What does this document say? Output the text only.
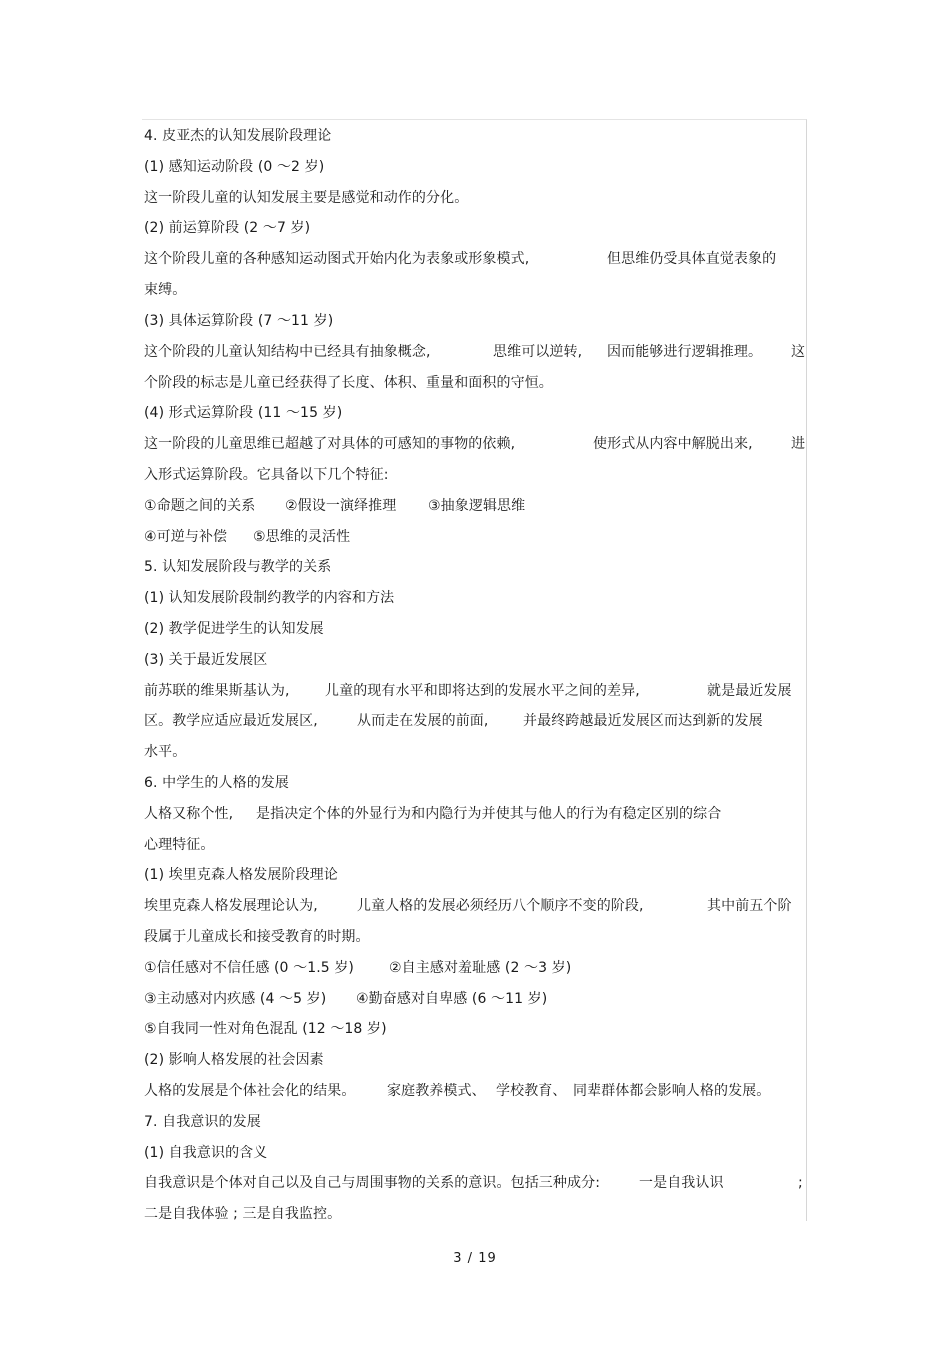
4. 皮亚杰的认知发展阶段理论
(1) 感知运动阶段 (0 ～2 岁)
这一阶段儿童的认知发展主要是感觉和动作的分化。
(2) 前运算阶段 (2 ～7 岁)
这个阶段儿童的各种感知运动图式开始内化为表象或形象模式,	但思维仍受具体直觉表象的
束缚。
(3) 具体运算阶段 (7 ～11 岁)
这个阶段的儿童认知结构中已经具有抽象概念,	思维可以逆转, 因而能够进行逻辑推理。 这
个阶段的标志是儿童已经获得了长度、体积、重量和面积的守恒。
(4) 形式运算阶段 (11 ～15 岁)
这一阶段的儿童思维已超越了对具体的可感知的事物的依赖,	使形式从内容中解脱出来,	进
入形式运算阶段。它具备以下几个特征:
①命题之间的关系 ②假设一演绎推理 ③抽象逻辑思维
④可逆与补偿 ⑤思维的灵活性
5. 认知发展阶段与教学的关系
(1) 认知发展阶段制约教学的内容和方法
(2) 教学促进学生的认知发展
(3) 关于最近发展区
前苏联的维果斯基认为,	儿童的现有水平和即将达到的发展水平之间的差异,	就是最近发展
区。教学应适应最近发展区,	从而走在发展的前面, 并最终跨越最近发展区而达到新的发展
水平。
6. 中学生的人格的发展
人格又称个性, 是指决定个体的外显行为和内隐行为并使其与他人的行为有稳定区别的综合
心理特征。
(1) 埃里克森人格发展阶段理论
埃里克森人格发展理论认为,	儿童人格的发展必须经历八个顺序不变的阶段,	其中前五个阶
段属于儿童成长和接受教育的时期。
①信任感对不信任感 (0 ～1.5 岁)	②自主感对羞耻感 (2 ～3 岁)
③主动感对内疚感 (4 ～5 岁) ④勤奋感对自卑感 (6 ～11 岁)
⑤自我同一性对角色混乱 (12 ～18 岁)
(2) 影响人格发展的社会因素
人格的发展是个体社会化的结果。 家庭教养模式、 学校教育、 同辈群体都会影响人格的发展。
7. 自我意识的发展
(1) 自我意识的含义
自我意识是个体对自己以及自己与周围事物的关系的意识。包括三种成分:	一是自我认识	;
二是自我体验 ; 三是自我监控。
3 / 19
